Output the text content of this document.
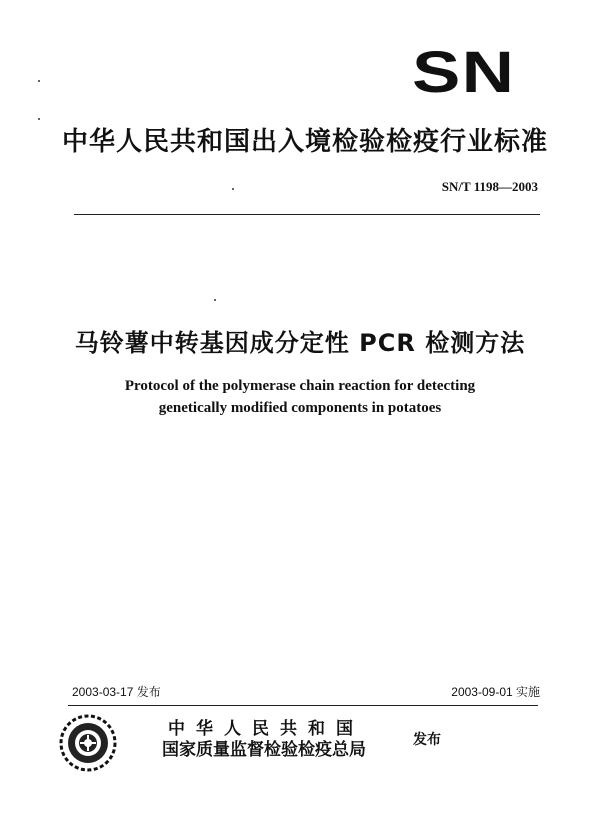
SN
中华人民共和国出入境检验检疫行业标准
SN/T 1198—2003
马铃薯中转基因成分定性 PCR 检测方法
Protocol of the polymerase chain reaction for detecting
genetically modified components in potatoes
2003-03-17 发布	2003-09-01 实施
中华人民共和国
国家质量监督检验检疫总局	发布
